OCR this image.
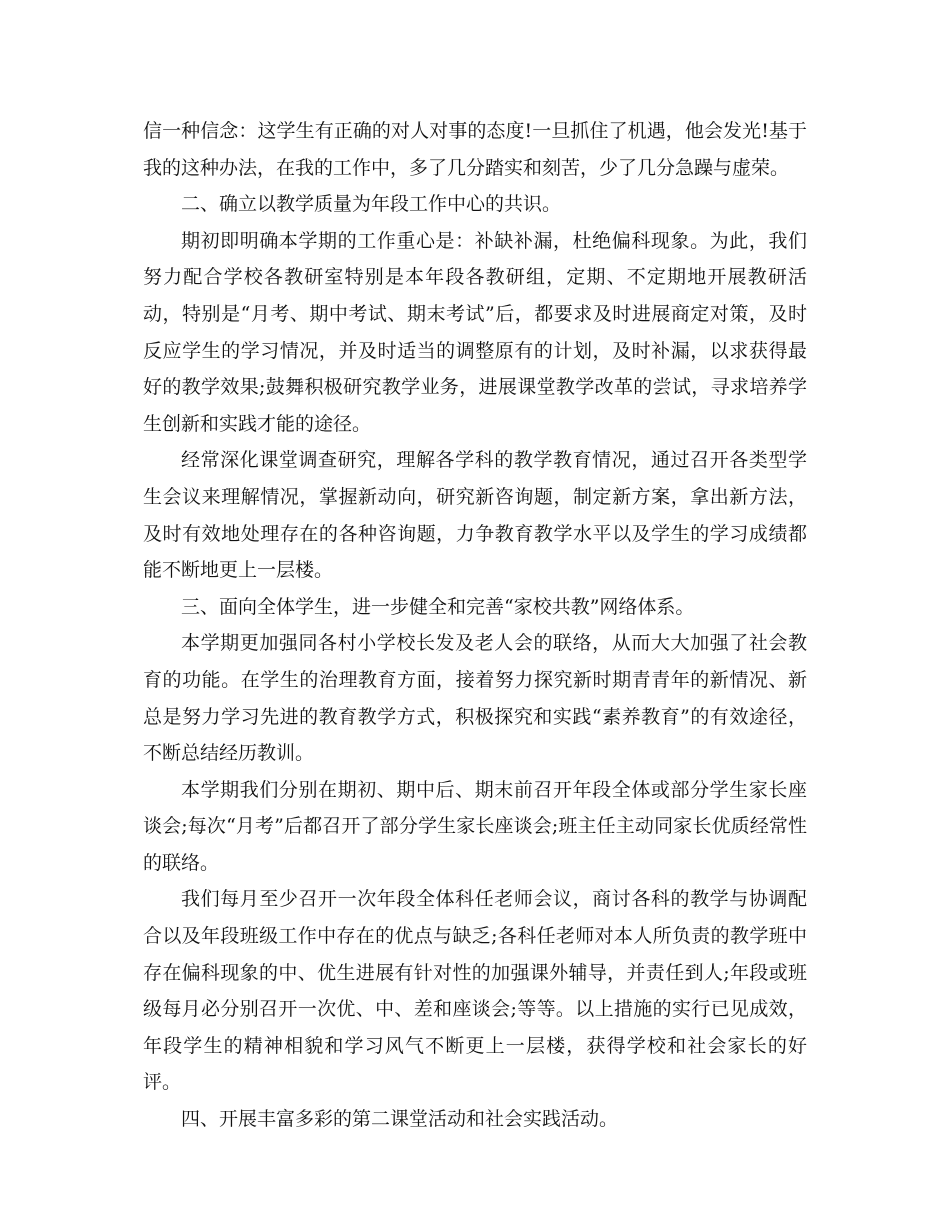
信一种信念：这学生有正确的对人对事的态度!一旦抓住了机遇，他会发光!基于我的这种办法，在我的工作中，多了几分踏实和刻苦，少了几分急躁与虚荣。

二、确立以教学质量为年段工作中心的共识。

期初即明确本学期的工作重心是：补缺补漏，杜绝偏科现象。为此，我们努力配合学校各教研室特别是本年段各教研组，定期、不定期地开展教研活动，特别是“月考、期中考试、期末考试”后，都要求及时进展商定对策，及时反应学生的学习情况，并及时适当的调整原有的计划，及时补漏，以求获得最好的教学效果;鼓舞积极研究教学业务，进展课堂教学改革的尝试，寻求培养学生创新和实践才能的途径。

经常深化课堂调查研究，理解各学科的教学教育情况，通过召开各类型学生会议来理解情况，掌握新动向，研究新咨询题，制定新方案，拿出新方法，及时有效地处理存在的各种咨询题，力争教育教学水平以及学生的学习成绩都能不断地更上一层楼。

三、面向全体学生，进一步健全和完善“家校共教”网络体系。

本学期更加强同各村小学校长发及老人会的联络，从而大大加强了社会教育的功能。在学生的治理教育方面，接着努力探究新时期青青年的新情况、新总是努力学习先进的教育教学方式，积极探究和实践“素养教育”的有效途径，不断总结经历教训。

本学期我们分别在期初、期中后、期末前召开年段全体或部分学生家长座谈会;每次“月考”后都召开了部分学生家长座谈会;班主任主动同家长优质经常性的联络。

我们每月至少召开一次年段全体科任老师会议，商讨各科的教学与协调配合以及年段班级工作中存在的优点与缺乏;各科任老师对本人所负责的教学班中存在偏科现象的中、优生进展有针对性的加强课外辅导，并责任到人;年段或班级每月必分别召开一次优、中、差和座谈会;等等。以上措施的实行已见成效，年段学生的精神相貌和学习风气不断更上一层楼，获得学校和社会家长的好评。

四、开展丰富多彩的第二课堂活动和社会实践活动。
